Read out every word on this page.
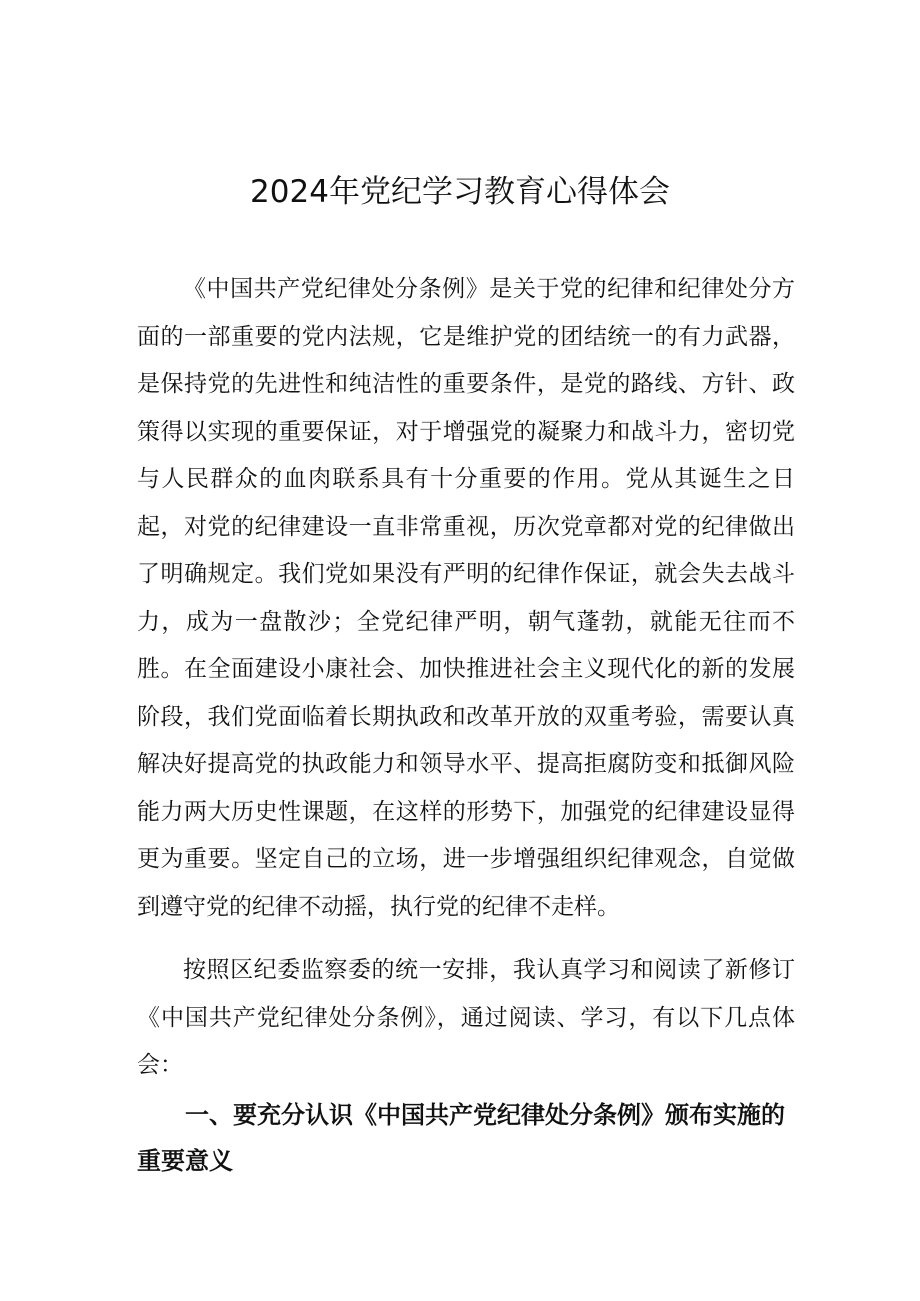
2024年党纪学习教育心得体会

《中国共产党纪律处分条例》是关于党的纪律和纪律处分方面的一部重要的党内法规，它是维护党的团结统一的有力武器，是保持党的先进性和纯洁性的重要条件，是党的路线、方针、政策得以实现的重要保证，对于增强党的凝聚力和战斗力，密切党与人民群众的血肉联系具有十分重要的作用。党从其诞生之日起，对党的纪律建设一直非常重视，历次党章都对党的纪律做出了明确规定。我们党如果没有严明的纪律作保证，就会失去战斗力，成为一盘散沙；全党纪律严明，朝气蓬勃，就能无往而不胜。在全面建设小康社会、加快推进社会主义现代化的新的发展阶段，我们党面临着长期执政和改革开放的双重考验，需要认真解决好提高党的执政能力和领导水平、提高拒腐防变和抵御风险能力两大历史性课题，在这样的形势下，加强党的纪律建设显得更为重要。坚定自己的立场，进一步增强组织纪律观念，自觉做到遵守党的纪律不动摇，执行党的纪律不走样。

按照区纪委监察委的统一安排，我认真学习和阅读了新修订《中国共产党纪律处分条例》，通过阅读、学习，有以下几点体会：

一、要充分认识《中国共产党纪律处分条例》颁布实施的重要意义
